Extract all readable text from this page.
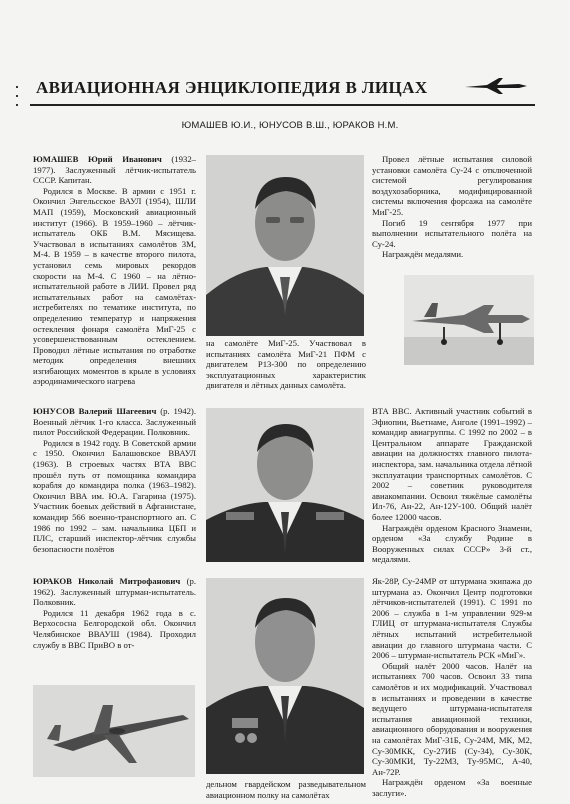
АВИАЦИОННАЯ ЭНЦИКЛОПЕДИЯ В ЛИЦАХ
ЮМАШЕВ Ю.И., ЮНУСОВ В.Ш., ЮРАКОВ Н.М.

ЮМАШЕВ Юрий Иванович (1932–1977). Заслуженный лётчик-испытатель СССР. Капитан.

Родился в Москве. В армии с 1951 г. Окончил Энгельсское ВАУЛ (1954), ШЛИ МАП (1959), Московский авиационный институт (1966). В 1959–1960 – лётчик-испытатель ОКБ В.М. Мясищева. Участвовал в испытаниях самолётов 3М, М-4. В 1959 – в качестве второго пилота, установил семь мировых рекордов скорости на М-4. С 1960 – на лётно-испытательной работе в ЛИИ. Провел ряд испытательных работ на самолётах-истребителях по тематике института, по определению температур и напряжения остекления фонаря самолёта МиГ-25 с усовершенствованным остеклением. Проводил лётные испытания по отработке методик определения внешних изгибающих моментов в крыле в условиях аэродинамического нагрева

на самолёте МиГ-25. Участвовал в испытаниях самолёта МиГ-21 ПФМ с двигателем Р13-300 по определению эксплуатационных характеристик двигателя и лётных данных самолёта.

Провел лётные испытания силовой установки самолёта Су-24 с отключенной системой регулирования воздухозаборника, модифицированной системы включения форсажа на самолёте МиГ-25.

Погиб 19 сентября 1977 при выполнении испытательного полёта на Су-24.

Награждён медалями.

ЮНУСОВ Валерий Шагеевич (р. 1942). Военный лётчик 1-го класса. Заслуженный пилот Российской Федерации. Полковник.

Родился в 1942 году. В Советской армии с 1950. Окончил Балашовское ВВАУЛ (1963). В строевых частях ВТА ВВС прошёл путь от помощника командира корабля до командира полка (1963–1982). Окончил ВВА им. Ю.А. Гагарина (1975). Участник боевых действий в Афганистане, командир 566 военно-транспортного ап. С 1986 по 1992 – зам. начальника ЦБП и ПЛС, старший инспектор-лётчик службы безопасности полётов

ВТА ВВС. Активный участник событий в Эфиопии, Вьетнаме, Анголе (1991–1992) – командир авиагруппы. С 1992 по 2002 – в Центральном аппарате Гражданской авиации на должностях главного пилота-инспектора, зам. начальника отдела лётной эксплуатации транспортных самолётов. С 2002 – советник руководителя авиакомпании. Освоил тяжёлые самолёты Ил-76, Ан-22, Ан-12У-100. Общий налёт более 12000 часов.

Награждён орденом Красного Знамени, орденом «За службу Родине в Вооруженных силах СССР» 3-й ст., медалями.

ЮРАКОВ Николай Митрофанович (р. 1962). Заслуженный штурман-испытатель. Полковник.

Родился 11 декабря 1962 года в с. Верхососна Белгородской обл. Окончил Челябинское ВВАУШ (1984). Проходил службу в ВВС ПриВО в от-

дельном гвардейском разведывательном авиационном полку на самолётах

Як-28Р, Су-24МР от штурмана экипажа до штурмана аэ. Окончил Центр подготовки лётчиков-испытателей (1991). С 1991 по 2006 – служба в 1-м управлении 929-м ГЛИЦ от штурмана-испытателя Службы лётных испытаний истребительной авиации до главного штурмана части. С 2006 – штурман-испытатель РСК «МиГ».

Общий налёт 2000 часов. Налёт на испытаниях 700 часов. Освоил 33 типа самолётов и их модификаций. Участвовал в испытаниях и проведении в качестве ведущего штурмана-испытателя испытания авиационной техники, авиационного оборудования и вооружения на самолётах МиГ-31Б, Су-24М, МК, М2, Су-30МКК, Су-27ИБ (Су-34), Су-30К, Су-30МКИ, Ту-22М3, Ту-95МС, А-40, Ан-72Р.

Награждён орденом «За военные заслуги».
